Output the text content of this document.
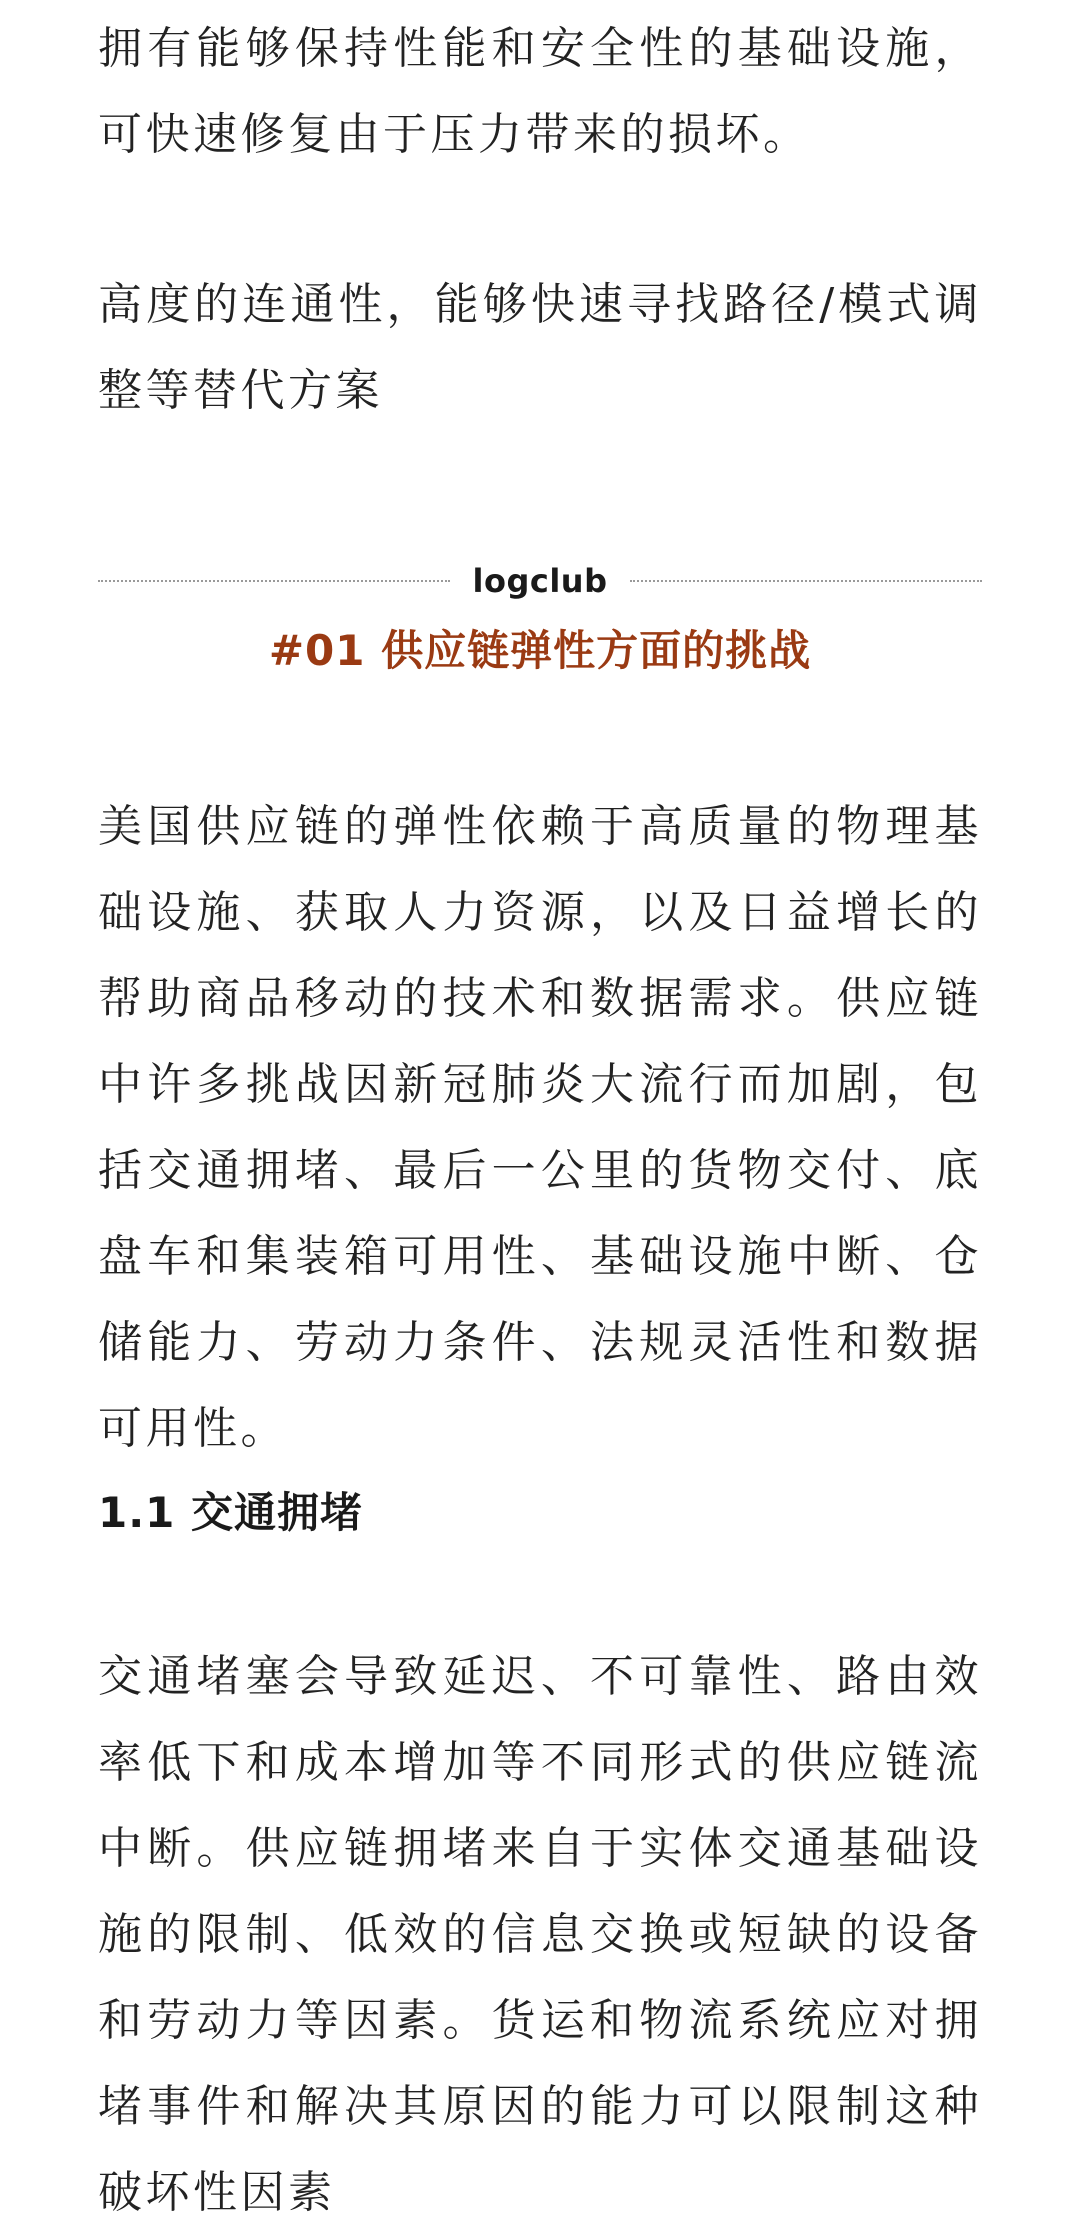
拥有能够保持性能和安全性的基础设施，可快速修复由于压力带来的损坏。

高度的连通性，能够快速寻找路径/模式调整等替代方案

logclub
#01 供应链弹性方面的挑战

美国供应链的弹性依赖于高质量的物理基础设施、获取人力资源，以及日益增长的帮助商品移动的技术和数据需求。供应链中许多挑战因新冠肺炎大流行而加剧，包括交通拥堵、最后一公里的货物交付、底盘车和集装箱可用性、基础设施中断、仓储能力、劳动力条件、法规灵活性和数据可用性。

1.1 交通拥堵

交通堵塞会导致延迟、不可靠性、路由效率低下和成本增加等不同形式的供应链流中断。供应链拥堵来自于实体交通基础设施的限制、低效的信息交换或短缺的设备和劳动力等因素。货运和物流系统应对拥堵事件和解决其原因的能力可以限制这种破坏性因素
